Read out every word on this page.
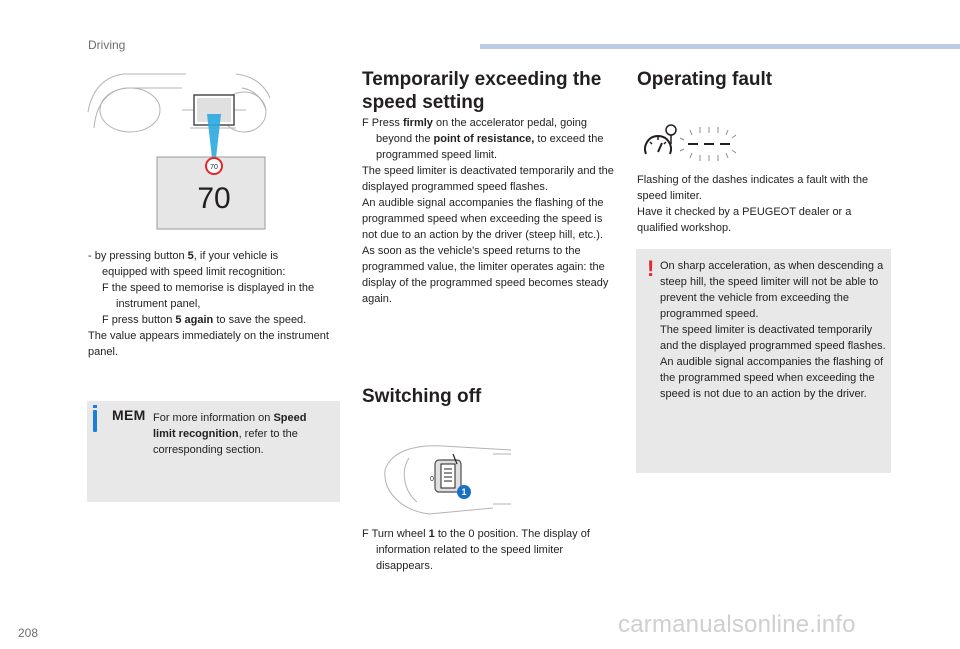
Driving
70
70

- by pressing button 5, if your vehicle is

equipped with speed limit recognition:

F the speed to memorise is displayed in the instrument panel,

F press button 5 again to save the speed.

The value appears immediately on the instrument panel.

MEM For more information on Speed limit recognition, refer to the corresponding section.

Temporarily exceeding the speed setting

F Press firmly on the accelerator pedal, going beyond the point of resistance, to exceed the programmed speed limit.

The speed limiter is deactivated temporarily and the displayed programmed speed flashes.

An audible signal accompanies the flashing of the programmed speed when exceeding the speed is not due to an action by the driver (steep hill, etc.).

As soon as the vehicle's speed returns to the programmed value, the limiter operates again: the display of the programmed speed becomes steady again.

Switching off
0
1

F Turn wheel 1 to the 0 position. The display of information related to the speed limiter disappears.

Operating fault

Flashing of the dashes indicates a fault with the speed limiter.

Have it checked by a PEUGEOT dealer or a qualified workshop.

! On sharp acceleration, as when descending a steep hill, the speed limiter will not be able to prevent the vehicle from exceeding the programmed speed.

The speed limiter is deactivated temporarily and the displayed programmed speed flashes.

An audible signal accompanies the flashing of the programmed speed when exceeding the speed is not due to an action by the driver.

208	carmanualsonline.info
